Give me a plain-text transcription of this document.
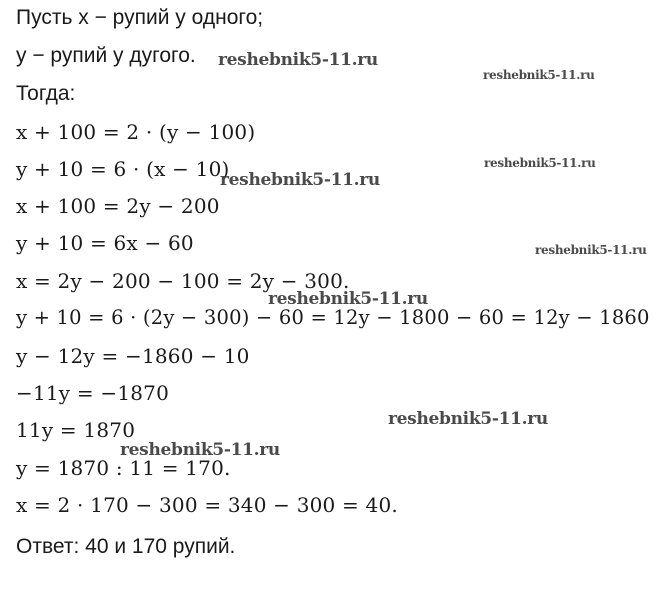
Пусть x − рупий у одного;
y − рупий у дугого.
Тогда:
x + 100 = 2 · (y − 100)
y + 10 = 6 · (x − 10)
x + 100 = 2y − 200
y + 10 = 6x − 60
x = 2y − 200 − 100 = 2y − 300.
y + 10 = 6 · (2y − 300) − 60 = 12y − 1800 − 60 = 12y − 1860
y − 12y = −1860 − 10
−11y = −1870
11y = 1870
y = 1870 : 11 = 170.
x = 2 · 170 − 300 = 340 − 300 = 40.
Ответ: 40 и 170 рупий.
reshebnik5-11.ru
reshebnik5-11.ru
reshebnik5-11.ru
reshebnik5-11.ru
reshebnik5-11.ru
reshebnik5-11.ru
reshebnik5-11.ru
reshebnik5-11.ru
